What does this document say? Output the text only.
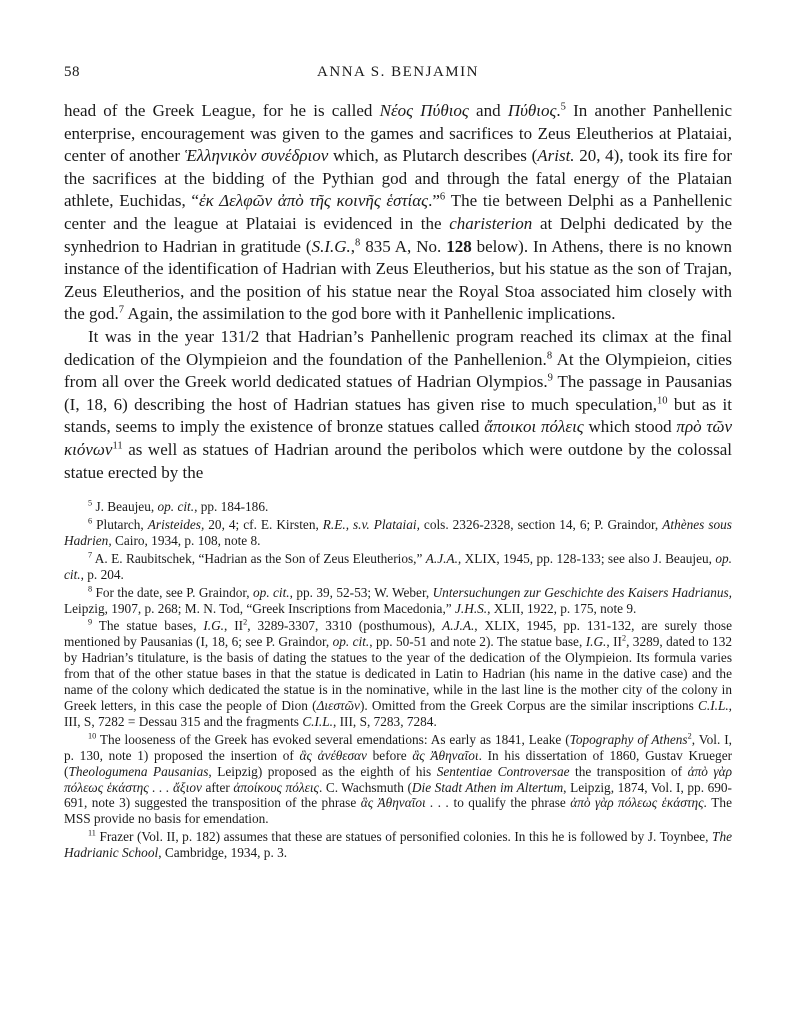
58	ANNA S. BENJAMIN

head of the Greek League, for he is called Νέος Πύθιος and Πύθιος.$^5$ In another Panhellenic enterprise, encouragement was given to the games and sacrifices to Zeus Eleutherios at Plataiai, center of another Ἑλληνικὸν συνέδριον which, as Plutarch describes (Arist. 20, 4), took its fire for the sacrifices at the bidding of the Pythian god and through the fatal energy of the Plataian athlete, Euchidas, “ἐκ Δελφῶν ἀπὸ τῆς κοινῆς ἑστίας.”$^6$ The tie between Delphi as a Panhellenic center and the league at Plataiai is evidenced in the charisterion at Delphi dedicated by the synhedrion to Hadrian in gratitude (S.I.G.,$^8$ 835 A, No. 128 below). In Athens, there is no known instance of the identification of Hadrian with Zeus Eleutherios, but his statue as the son of Trajan, Zeus Eleutherios, and the position of his statue near the Royal Stoa associated him closely with the god.$^7$ Again, the assimilation to the god bore with it Panhellenic implications.

It was in the year 131/2 that Hadrian’s Panhellenic program reached its climax at the final dedication of the Olympieion and the foundation of the Panhellenion.$^8$ At the Olympieion, cities from all over the Greek world dedicated statues of Hadrian Olympios.$^9$ The passage in Pausanias (I, 18, 6) describing the host of Hadrian statues has given rise to much speculation,$^{10}$ but as it stands, seems to imply the existence of bronze statues called ἄποικοι πόλεις which stood πρὸ τῶν κιόνων$^{11}$ as well as statues of Hadrian around the peribolos which were outdone by the colossal statue erected by the

$^5$ J. Beaujeu, op. cit., pp. 184-186.

$^6$ Plutarch, Aristeides, 20, 4; cf. E. Kirsten, R.E., s.v. Plataiai, cols. 2326-2328, section 14, 6; P. Graindor, Athènes sous Hadrien, Cairo, 1934, p. 108, note 8.

$^7$ A. E. Raubitschek, “Hadrian as the Son of Zeus Eleutherios,” A.J.A., XLIX, 1945, pp. 128-133; see also J. Beaujeu, op. cit., p. 204.

$^8$ For the date, see P. Graindor, op. cit., pp. 39, 52-53; W. Weber, Untersuchungen zur Geschichte des Kaisers Hadrianus, Leipzig, 1907, p. 268; M. N. Tod, “Greek Inscriptions from Macedonia,” J.H.S., XLII, 1922, p. 175, note 9.

$^9$ The statue bases, I.G., $II^2$, 3289-3307, 3310 (posthumous), A.J.A., XLIX, 1945, pp. 131-132, are surely those mentioned by Pausanias (I, 18, 6; see P. Graindor, op. cit., pp. 50-51 and note 2). The statue base, I.G., $II^2$, 3289, dated to 132 by Hadrian’s titulature, is the basis of dating the statues to the year of the dedication of the Olympieion. Its formula varies from that of the other statue bases in that the statue is dedicated in Latin to Hadrian (his name in the dative case) and the name of the colony which dedicated the statue is in the nominative, while in the last line is the mother city of the colony in Greek letters, in this case the people of Dion (Διεστῶν). Omitted from the Greek Corpus are the similar inscriptions C.I.L., III, S, 7282 = Dessau 315 and the fragments C.I.L., III, S, 7283, 7284.

$^{10}$ The looseness of the Greek has evoked several emendations: As early as 1841, Leake (Topography of Athens$^2$, Vol. I, p. 130, note 1) proposed the insertion of ἃς ἀνέθεσαν before ἃς Ἀθηναῖοι. In his dissertation of 1860, Gustav Krueger (Theologumena Pausanias, Leipzig) proposed as the eighth of his Sententiae Controversae the transposition of ἀπὸ γὰρ πόλεως ἑκάστης . . . ἄξιον after ἀποίκους πόλεις. C. Wachsmuth (Die Stadt Athen im Altertum, Leipzig, 1874, Vol. I, pp. 690-691, note 3) suggested the transposition of the phrase ἃς Ἀθηναῖοι . . . to qualify the phrase ἀπὸ γὰρ πόλεως ἑκάστης. The MSS provide no basis for emendation.

$^{11}$ Frazer (Vol. II, p. 182) assumes that these are statues of personified colonies. In this he is followed by J. Toynbee, The Hadrianic School, Cambridge, 1934, p. 3.
